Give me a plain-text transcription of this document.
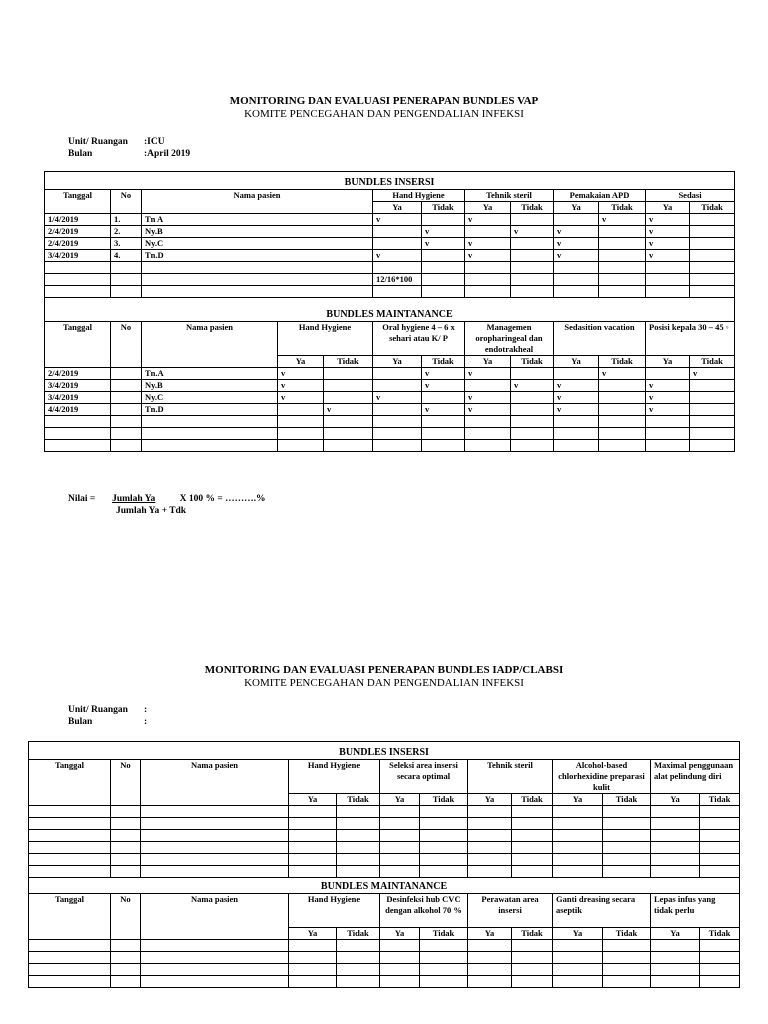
MONITORING DAN EVALUASI PENERAPAN BUNDLES VAP
KOMITE PENCEGAHAN DAN PENGENDALIAN INFEKSI
Unit/ Ruangan :ICU
Bulan	:April 2019
BUNDLES INSERSI												
Tanggal	No	Nama pasien			Hand Hygiene		Tehnik steril		Pemakaian APD		Sedasi	
					Ya	Tidak	Ya	Tidak	Ya	Tidak	Ya	Tidak
1/4/2019	1.	Tn A			v		v			v	v	
2/4/2019	2.	Ny.B				v		v	v		v	
2/4/2019	3.	Ny.C				v	v		v		v	
3/4/2019	4.	Tn.D			v		v		v		v	

					12/16*100							

BUNDLES MAINTANANCE												
Tanggal	No	Nama pasien	Hand Hygiene		Oral hygiene 4 – 6 x sehari atau K/ P		Managemen oropharingeal dan endotrakheal		Sedasition vacation		Posisi kepala 30 – 45 ◦	
			Ya	Tidak	Ya	Tidak	Ya	Tidak	Ya	Tidak	Ya	Tidak
2/4/2019		Tn.A	v			v	v			v		v
3/4/2019		Ny.B	v			v		v	v		v	
3/4/2019		Ny.C	v		v		v		v		v	
4/4/2019		Tn.D		v		v	v		v		v	

Nilai = Jumlah Ya	X 100 % = ……….%
Jumlah Ya + Tdk
MONITORING DAN EVALUASI PENERAPAN BUNDLES IADP/CLABSI
KOMITE PENCEGAHAN DAN PENGENDALIAN INFEKSI
Unit/ Ruangan :
Bulan	:
BUNDLES INSERSI												
Tanggal	No	Nama pasien	Hand Hygiene		Seleksi area insersi secara optimal		Tehnik steril		Alcohol-based chlorhexidine preparasi kulit		Maximal penggunaan alat pelindung diri	
			Ya	Tidak	Ya	Tidak	Ya	Tidak	Ya	Tidak	Ya	Tidak

BUNDLES MAINTANANCE												
Tanggal	No	Nama pasien	Hand Hygiene		Desinfeksi hub CVC dengan alkohol 70 %		Perawatan area insersi		Ganti dreasing secara aseptik		Lepas infus yang tidak perlu	
			Ya	Tidak	Ya	Tidak	Ya	Tidak	Ya	Tidak	Ya	Tidak
